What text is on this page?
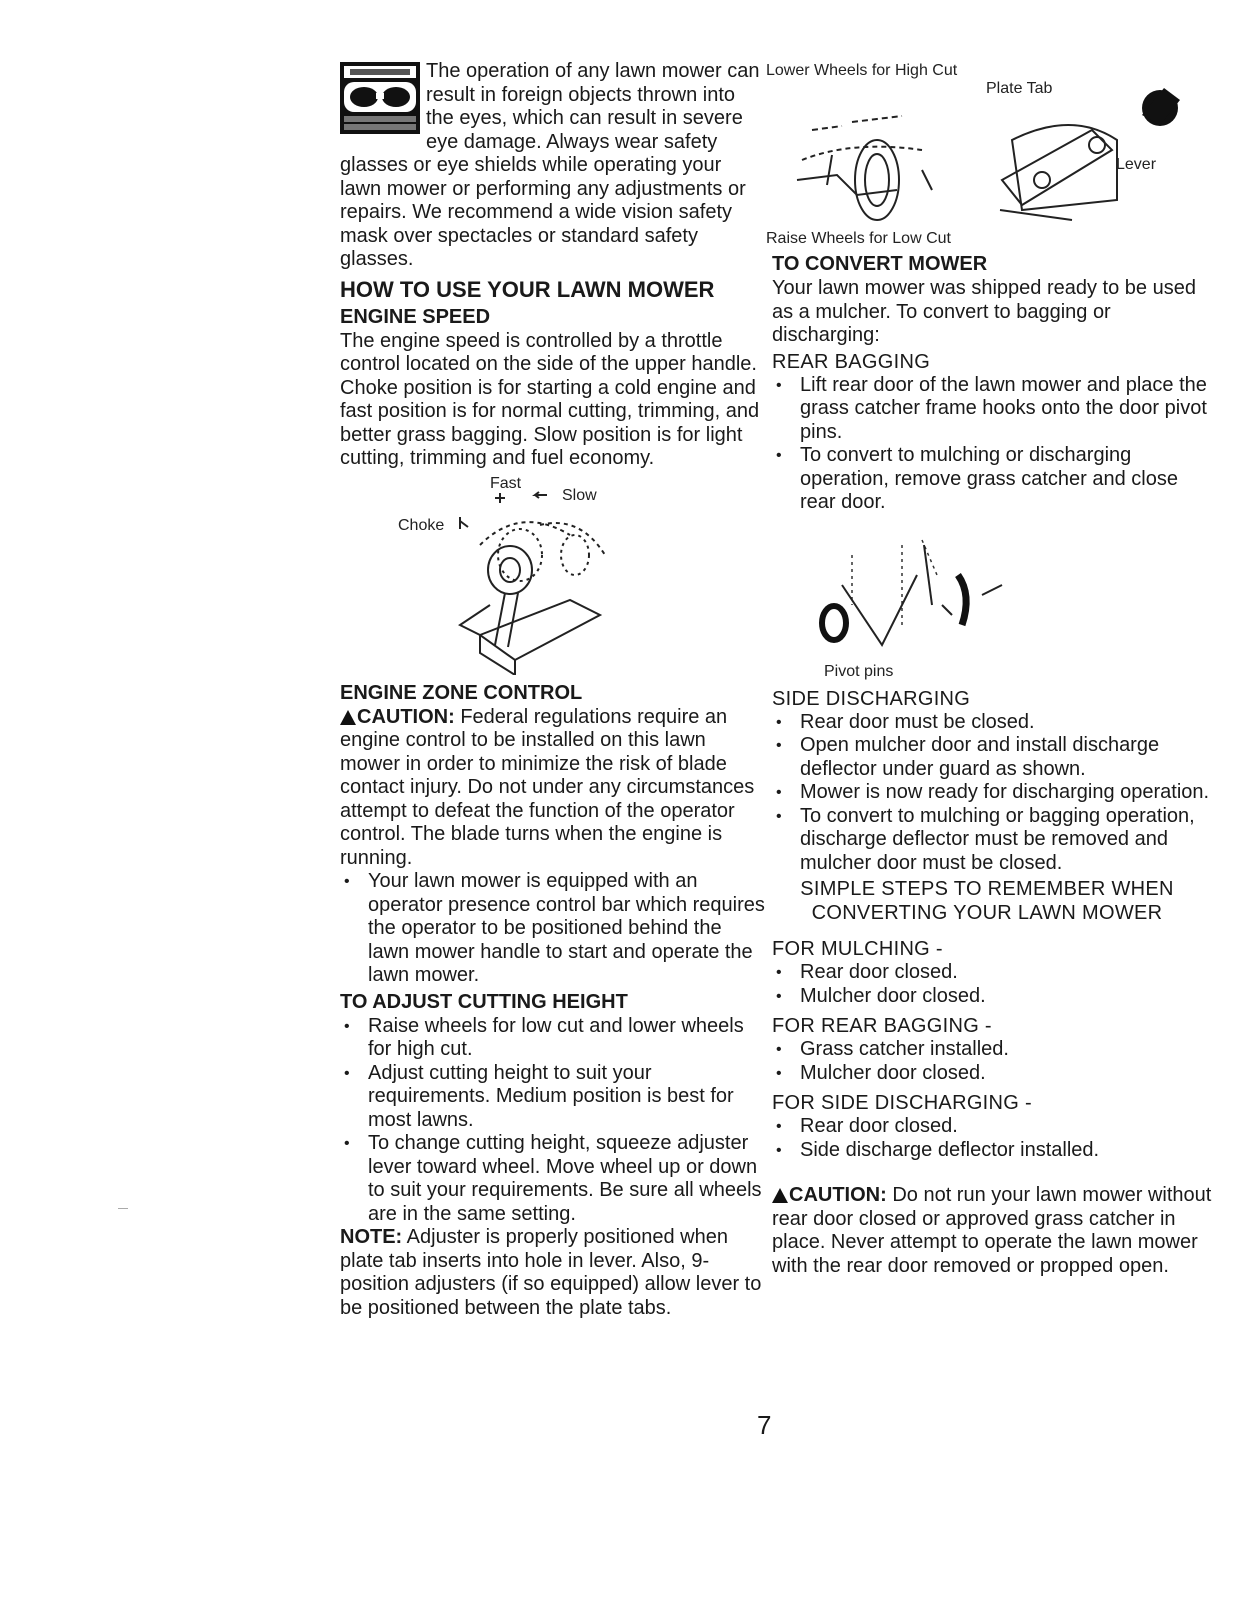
The operation of any lawn mower can result in foreign objects thrown into the eyes, which can result in severe eye damage. Always wear safety glasses or eye shields while operating your lawn mower or performing any adjustments or repairs. We recommend a wide vision safety mask over spectacles or standard safety glasses.

HOW TO USE YOUR LAWN MOWER

ENGINE SPEED

The engine speed is controlled by a throttle control located on the side of the upper handle. Choke position is for starting a cold engine and fast position is for normal cutting, trimming, and better grass bagging. Slow position is for light cutting, trimming and fuel economy.

Fast
Slow
Choke

ENGINE ZONE CONTROL

CAUTION: Federal regulations require an engine control to be installed on this lawn mower in order to minimize the risk of blade contact injury. Do not under any circumstances attempt to defeat the function of the operator control. The blade turns when the engine is running.

• Your lawn mower is equipped with an operator presence control bar which requires the operator to be positioned behind the lawn mower handle to start and operate the lawn mower.

TO ADJUST CUTTING HEIGHT

• Raise wheels for low cut and lower wheels for high cut.
• Adjust cutting height to suit your requirements. Medium position is best for most lawns.
• To change cutting height, squeeze adjuster lever toward wheel. Move wheel up or down to suit your requirements. Be sure all wheels are in the same setting.

NOTE: Adjuster is properly positioned when plate tab inserts into hole in lever. Also, 9-position adjusters (if so equipped) allow lever to be positioned between the plate tabs.

Lower Wheels for High Cut
Plate Tab
Lever
Raise Wheels for Low Cut

TO CONVERT MOWER

Your lawn mower was shipped ready to be used as a mulcher. To convert to bagging or discharging:

REAR BAGGING

• Lift rear door of the lawn mower and place the grass catcher frame hooks onto the door pivot pins.
• To convert to mulching or discharging operation, remove grass catcher and close rear door.
Pivot pins

SIDE DISCHARGING

• Rear door must be closed.
• Open mulcher door and install discharge deflector under guard as shown.
• Mower is now ready for discharging operation.
• To convert to mulching or bagging operation, discharge deflector must be removed and mulcher door must be closed.

SIMPLE STEPS TO REMEMBER WHEN CONVERTING YOUR LAWN MOWER

FOR MULCHING -

• Rear door closed.
• Mulcher door closed.

FOR REAR BAGGING -

• Grass catcher installed.
• Mulcher door closed.

FOR SIDE DISCHARGING -

• Rear door closed.
• Side discharge deflector installed.

CAUTION: Do not run your lawn mower without rear door closed or approved grass catcher in place. Never attempt to operate the lawn mower with the rear door removed or propped open.

7
